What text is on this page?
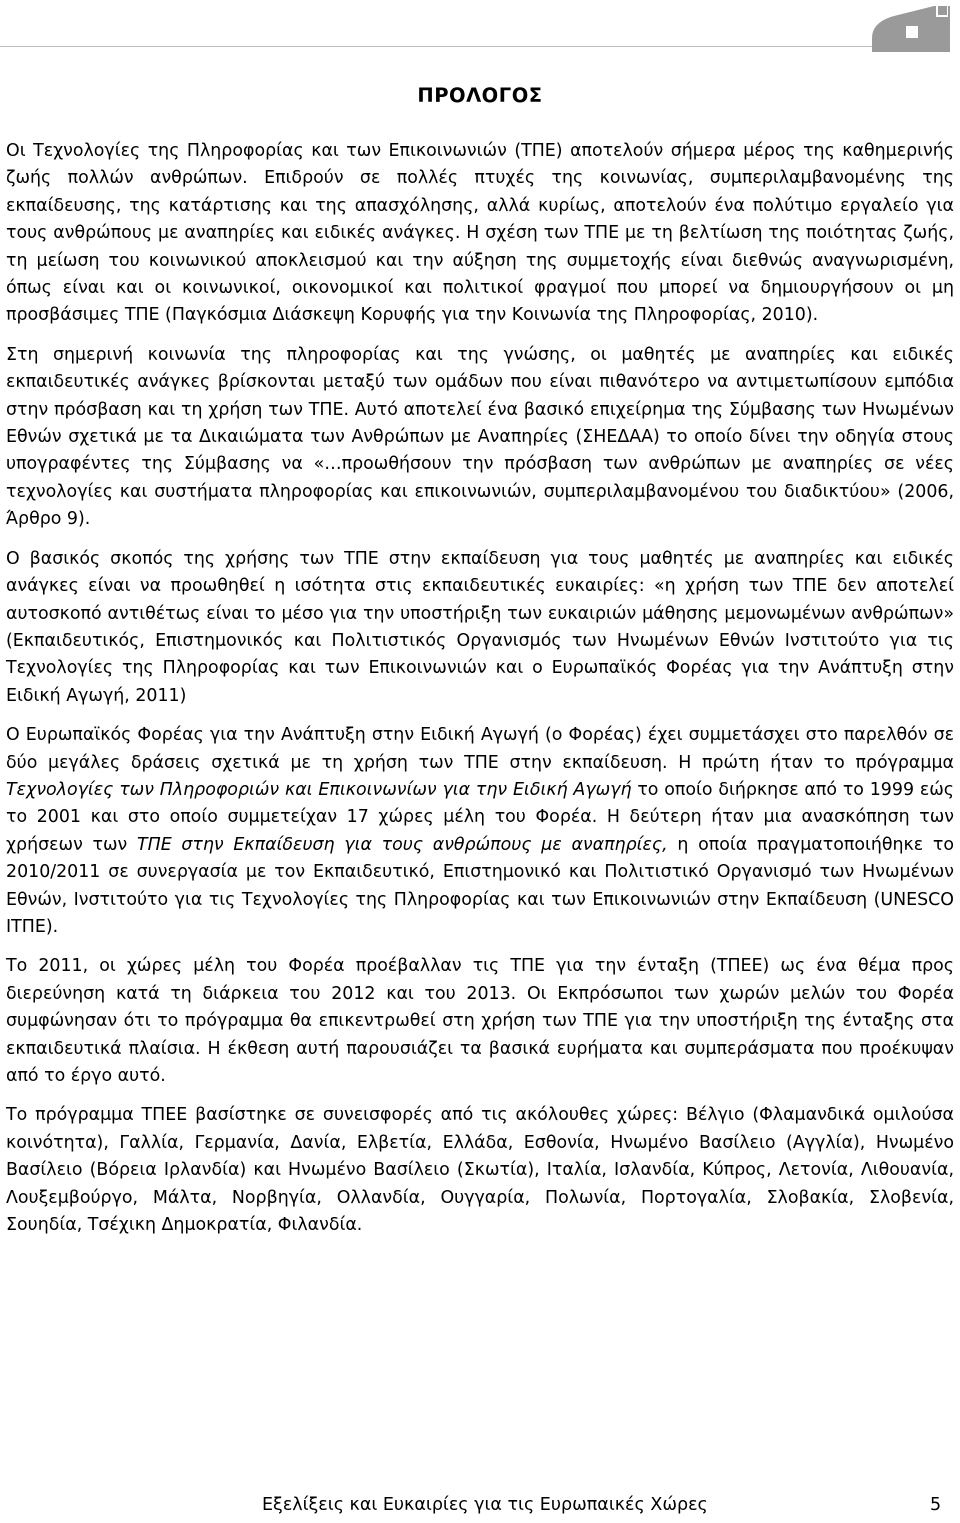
ΠΡΟΛΟΓΟΣ

Οι Τεχνολογίες της Πληροφορίας και των Επικοινωνιών (ΤΠΕ) αποτελούν σήμερα μέρος της καθημερινής ζωής πολλών ανθρώπων. Επιδρούν σε πολλές πτυχές της κοινωνίας, συμπεριλαμβανομένης της εκπαίδευσης, της κατάρτισης και της απασχόλησης, αλλά κυρίως, αποτελούν ένα πολύτιμο εργαλείο για τους ανθρώπους με αναπηρίες και ειδικές ανάγκες. Η σχέση των ΤΠΕ με τη βελτίωση της ποιότητας ζωής, τη μείωση του κοινωνικού αποκλεισμού και την αύξηση της συμμετοχής είναι διεθνώς αναγνωρισμένη, όπως είναι και οι κοινωνικοί, οικονομικοί και πολιτικοί φραγμοί που μπορεί να δημιουργήσουν οι μη προσβάσιμες ΤΠΕ (Παγκόσμια Διάσκεψη Κορυφής για την Κοινωνία της Πληροφορίας, 2010).

Στη σημερινή κοινωνία της πληροφορίας και της γνώσης, οι μαθητές με αναπηρίες και ειδικές εκπαιδευτικές ανάγκες βρίσκονται μεταξύ των ομάδων που είναι πιθανότερο να αντιμετωπίσουν εμπόδια στην πρόσβαση και τη χρήση των ΤΠΕ. Αυτό αποτελεί ένα βασικό επιχείρημα της Σύμβασης των Ηνωμένων Εθνών σχετικά με τα Δικαιώματα των Ανθρώπων με Αναπηρίες (ΣΗΕΔΑΑ) το οποίο δίνει την οδηγία στους υπογραφέντες της Σύμβασης να «…προωθήσουν την πρόσβαση των ανθρώπων με αναπηρίες σε νέες τεχνολογίες και συστήματα πληροφορίας και επικοινωνιών, συμπεριλαμβανομένου του διαδικτύου» (2006, Άρθρο 9).

Ο βασικός σκοπός της χρήσης των ΤΠΕ στην εκπαίδευση για τους μαθητές με αναπηρίες και ειδικές ανάγκες είναι να προωθηθεί η ισότητα στις εκπαιδευτικές ευκαιρίες: «η χρήση των ΤΠΕ δεν αποτελεί αυτοσκοπό αντιθέτως είναι το μέσο για την υποστήριξη των ευκαιριών μάθησης μεμονωμένων ανθρώπων» (Εκπαιδευτικός, Επιστημονικός και Πολιτιστικός Οργανισμός των Ηνωμένων Εθνών Ινστιτούτο για τις Τεχνολογίες της Πληροφορίας και των Επικοινωνιών και ο Ευρωπαϊκός Φορέας για την Ανάπτυξη στην Ειδική Αγωγή, 2011)

Ο Ευρωπαϊκός Φορέας για την Ανάπτυξη στην Ειδική Αγωγή (ο Φορέας) έχει συμμετάσχει στο παρελθόν σε δύο μεγάλες δράσεις σχετικά με τη χρήση των ΤΠΕ στην εκπαίδευση. Η πρώτη ήταν το πρόγραμμα Τεχνολογίες των Πληροφοριών και Επικοινωνίων για την Ειδική Αγωγή το οποίο διήρκησε από το 1999 εώς το 2001 και στο οποίο συμμετείχαν 17 χώρες μέλη του Φορέα. Η δεύτερη ήταν μια ανασκόπηση των χρήσεων των ΤΠΕ στην Εκπαίδευση για τους ανθρώπους με αναπηρίες, η οποία πραγματοποιήθηκε το 2010/2011 σε συνεργασία με τον Εκπαιδευτικό, Επιστημονικό και Πολιτιστικό Οργανισμό των Ηνωμένων Εθνών, Ινστιτούτο για τις Τεχνολογίες της Πληροφορίας και των Επικοινωνιών στην Εκπαίδευση (UNESCO ΙΤΠΕ).

Το 2011, οι χώρες μέλη του Φορέα προέβαλλαν τις ΤΠΕ για την ένταξη (ΤΠΕΕ) ως ένα θέμα προς διερεύνηση κατά τη διάρκεια του 2012 και του 2013. Οι Εκπρόσωποι των χωρών μελών του Φορέα συμφώνησαν ότι το πρόγραμμα θα επικεντρωθεί στη χρήση των ΤΠΕ για την υποστήριξη της ένταξης στα εκπαιδευτικά πλαίσια. Η έκθεση αυτή παρουσιάζει τα βασικά ευρήματα και συμπεράσματα που προέκυψαν από το έργο αυτό.

Το πρόγραμμα ΤΠΕΕ βασίστηκε σε συνεισφορές από τις ακόλουθες χώρες: Βέλγιο (Φλαμανδικά ομιλούσα κοινότητα), Γαλλία, Γερμανία, Δανία, Ελβετία, Ελλάδα, Εσθονία, Ηνωμένο Βασίλειο (Αγγλία), Ηνωμένο Βασίλειο (Βόρεια Ιρλανδία) και Ηνωμένο Βασίλειο (Σκωτία), Ιταλία, Ισλανδία, Κύπρος, Λετονία, Λιθουανία, Λουξεμβούργο, Μάλτα, Νορβηγία, Ολλανδία, Ουγγαρία, Πολωνία, Πορτογαλία, Σλοβακία, Σλοβενία, Σουηδία, Τσέχικη Δημοκρατία, Φιλανδία.

Εξελίξεις και Ευκαιρίες για τις Ευρωπαικές Χώρες	5
